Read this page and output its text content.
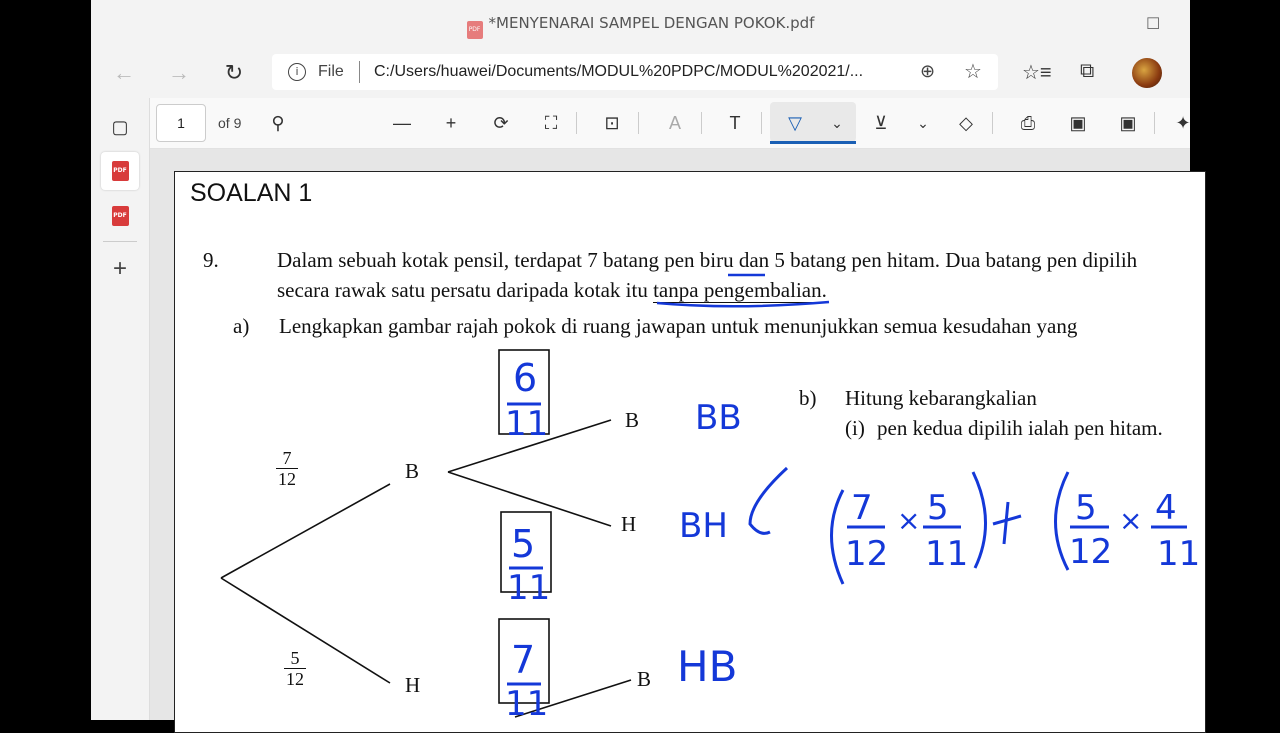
PDF *MENYENARAI SAMPEL DENGAN POKOK.pdf	☐
← → ↻	i	File C:/Users/huawei/Documents/MODUL%20PDPC/MODUL%202021/...	⊕ ☆ ☆≡ ⧉
▢
PDF
PDF
+
1	of 9	⚲	—	+	⟳	⛶	⊡	A	T	▽	⌄	⊻	⌄	◇	⎙	▣ ▣	✦
SOALAN 1
9.	Dalam sebuah kotak pensil, terdapat 7 batang pen biru dan 5 batang pen hitam. Dua batang pen dipilih
secara rawak satu persatu daripada kotak itu tanpa pengembalian.
a) Lengkapkan gambar rajah pokok di ruang jawapan untuk menunjukkan semua kesudahan yang
b) Hitung kebarangkalian
(i) pen kedua dipilih ialah pen hitam.
B
H
B
H
B
$\frac{7}{12}$
$\frac{5}{12}$
6
11
5
11
7
11
BB
BH
HB
7
12
× 5
11
5
12
× 4
11
